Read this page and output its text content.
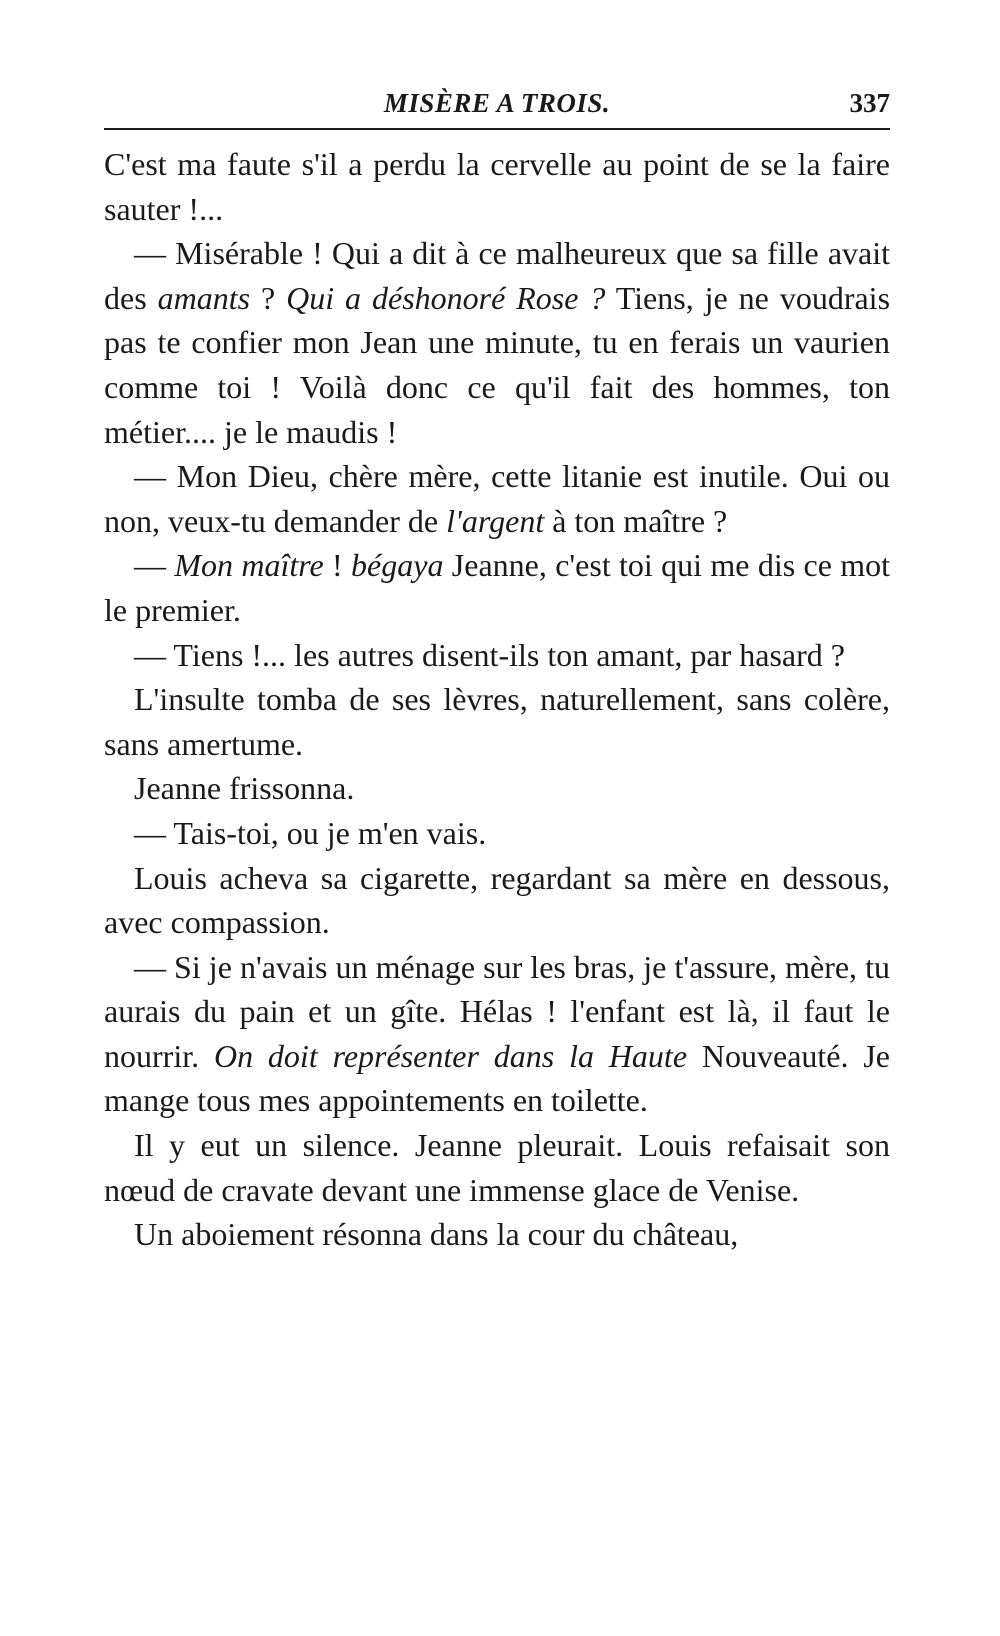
MISÈRE A TROIS.	337

C'est ma faute s'il a perdu la cervelle au point de se la faire sauter !...

— Misérable ! Qui a dit à ce malheureux que sa fille avait des amants ? Qui a déshonoré Rose ? Tiens, je ne voudrais pas te confier mon Jean une minute, tu en ferais un vaurien comme toi ! Voilà donc ce qu'il fait des hommes, ton métier.... je le maudis !

— Mon Dieu, chère mère, cette litanie est inutile. Oui ou non, veux-tu demander de l'argent à ton maître ?

— Mon maître ! bégaya Jeanne, c'est toi qui me dis ce mot le premier.

— Tiens !... les autres disent-ils ton amant, par hasard ?

L'insulte tomba de ses lèvres, naturellement, sans colère, sans amertume.

Jeanne frissonna.

— Tais-toi, ou je m'en vais.

Louis acheva sa cigarette, regardant sa mère en dessous, avec compassion.

— Si je n'avais un ménage sur les bras, je t'assure, mère, tu aurais du pain et un gîte. Hélas ! l'enfant est là, il faut le nourrir. On doit représenter dans la Haute Nouveauté. Je mange tous mes appointements en toilette.

Il y eut un silence. Jeanne pleurait. Louis refaisait son nœud de cravate devant une immense glace de Venise.

Un aboiement résonna dans la cour du château,
